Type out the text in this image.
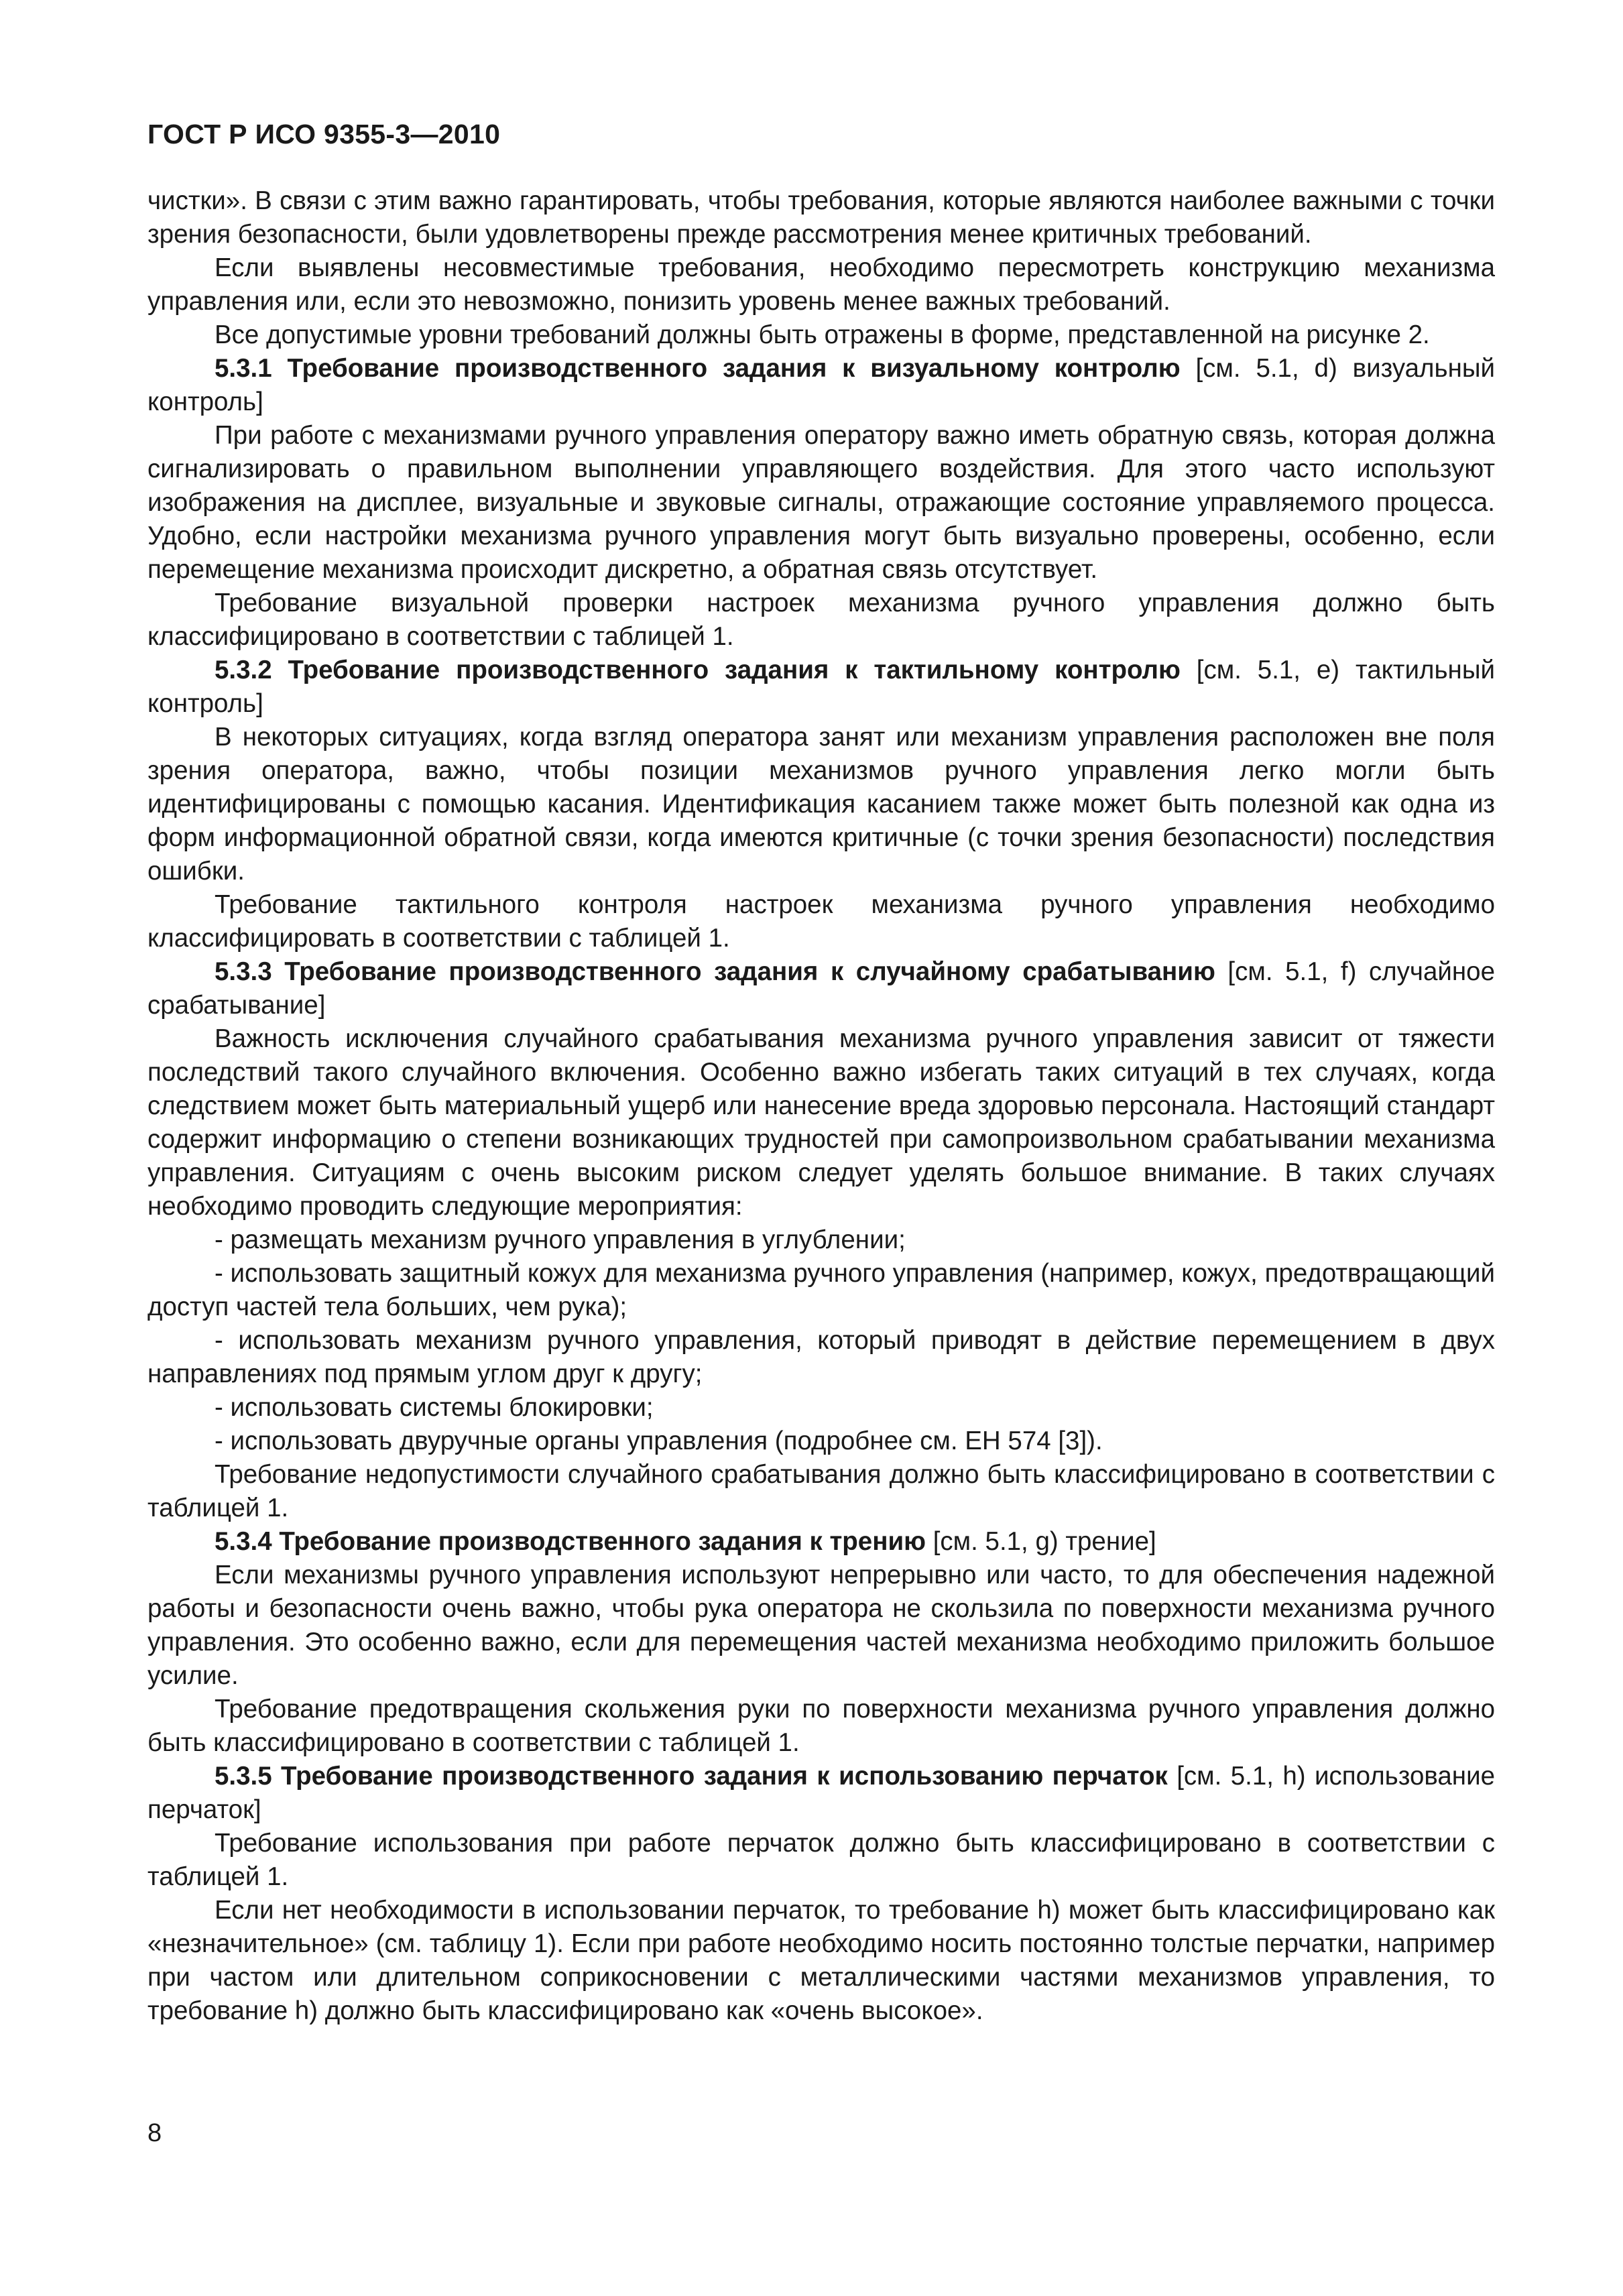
ГОСТ Р ИСО 9355-3—2010

чистки». В связи с этим важно гарантировать, чтобы требования, которые являются наиболее важными с точки зрения безопасности, были удовлетворены прежде рассмотрения менее критичных требований.

Если выявлены несовместимые требования, необходимо пересмотреть конструкцию механизма управления или, если это невозможно, понизить уровень менее важных требований.

Все допустимые уровни требований должны быть отражены в форме, представленной на рисунке 2.

5.3.1 Требование производственного задания к визуальному контролю [см. 5.1, d) визуальный контроль]

При работе с механизмами ручного управления оператору важно иметь обратную связь, которая должна сигнализировать о правильном выполнении управляющего воздействия. Для этого часто используют изображения на дисплее, визуальные и звуковые сигналы, отражающие состояние управляемого процесса. Удобно, если настройки механизма ручного управления могут быть визуально проверены, особенно, если перемещение механизма происходит дискретно, а обратная связь отсутствует.

Требование визуальной проверки настроек механизма ручного управления должно быть классифицировано в соответствии с таблицей 1.

5.3.2 Требование производственного задания к тактильному контролю [см. 5.1, е) тактильный контроль]

В некоторых ситуациях, когда взгляд оператора занят или механизм управления расположен вне поля зрения оператора, важно, чтобы позиции механизмов ручного управления легко могли быть идентифицированы с помощью касания. Идентификация касанием также может быть полезной как одна из форм информационной обратной связи, когда имеются критичные (с точки зрения безопасности) последствия ошибки.

Требование тактильного контроля настроек механизма ручного управления необходимо классифицировать в соответствии с таблицей 1.

5.3.3 Требование производственного задания к случайному срабатыванию [см. 5.1, f) случайное срабатывание]

Важность исключения случайного срабатывания механизма ручного управления зависит от тяжести последствий такого случайного включения. Особенно важно избегать таких ситуаций в тех случаях, когда следствием может быть материальный ущерб или нанесение вреда здоровью персонала. Настоящий стандарт содержит информацию о степени возникающих трудностей при самопроизвольном срабатывании механизма управления. Ситуациям с очень высоким риском следует уделять большое внимание. В таких случаях необходимо проводить следующие мероприятия:

- размещать механизм ручного управления в углублении;

- использовать защитный кожух для механизма ручного управления (например, кожух, предотвращающий доступ частей тела больших, чем рука);

- использовать механизм ручного управления, который приводят в действие перемещением в двух направлениях под прямым углом друг к другу;

- использовать системы блокировки;

- использовать двуручные органы управления (подробнее см. ЕН 574 [3]).

Требование недопустимости случайного срабатывания должно быть классифицировано в соответствии с таблицей 1.

5.3.4 Требование производственного задания к трению [см. 5.1, g) трение]

Если механизмы ручного управления используют непрерывно или часто, то для обеспечения надежной работы и безопасности очень важно, чтобы рука оператора не скользила по поверхности механизма ручного управления. Это особенно важно, если для перемещения частей механизма необходимо приложить большое усилие.

Требование предотвращения скольжения руки по поверхности механизма ручного управления должно быть классифицировано в соответствии с таблицей 1.

5.3.5 Требование производственного задания к использованию перчаток [см. 5.1, h) использование перчаток]

Требование использования при работе перчаток должно быть классифицировано в соответствии с таблицей 1.

Если нет необходимости в использовании перчаток, то требование h) может быть классифицировано как «незначительное» (см. таблицу 1). Если при работе необходимо носить постоянно толстые перчатки, например при частом или длительном соприкосновении с металлическими частями механизмов управления, то требование h) должно быть классифицировано как «очень высокое».

8
